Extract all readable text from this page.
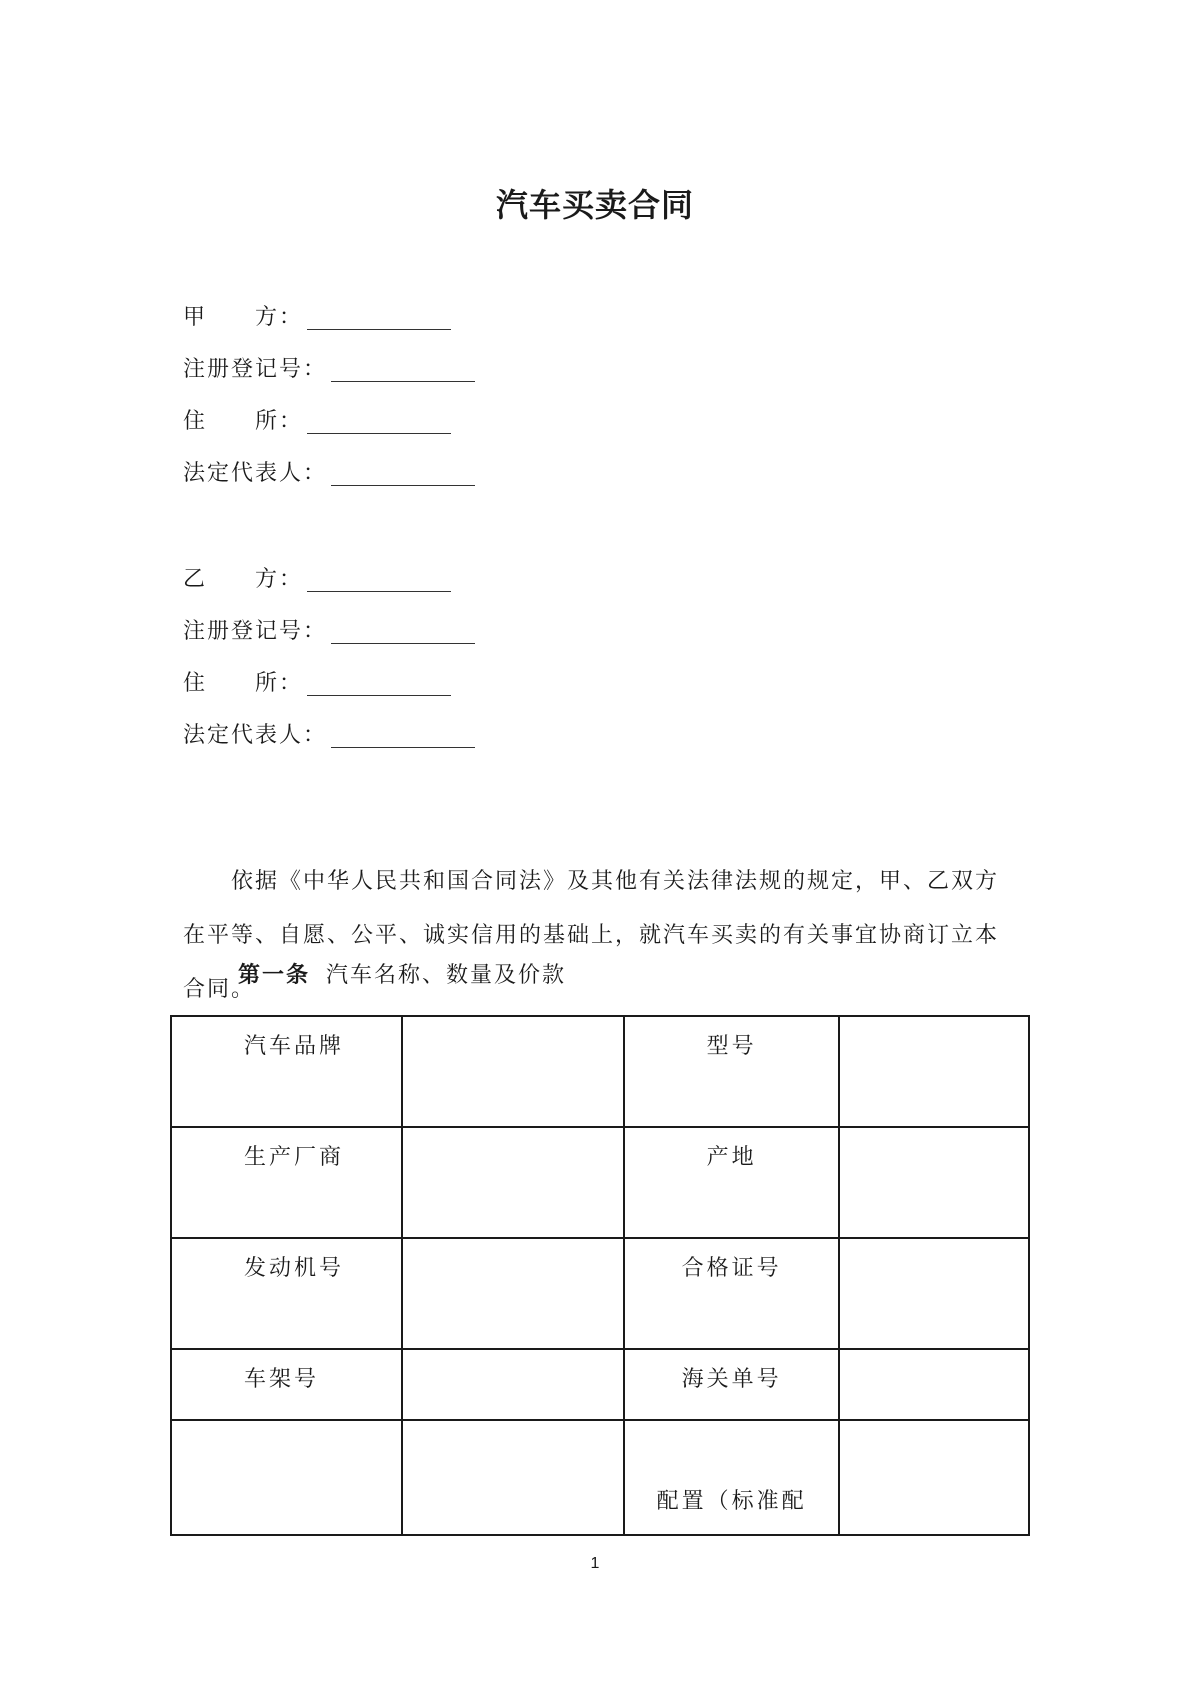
汽车买卖合同
甲　　方：
注册登记号：
住　　所：
法定代表人：
乙　　方：
注册登记号：
住　　所：
法定代表人：
依据《中华人民共和国合同法》及其他有关法律法规的规定，甲、乙双方在平等、自愿、公平、诚实信用的基础上，就汽车买卖的有关事宜协商订立本合同。
第一条 汽车名称、数量及价款
汽车品牌		型号	
生产厂商		产地	
发动机号		合格证号	
车架号		海关单号	
		配置（标准配	
1
